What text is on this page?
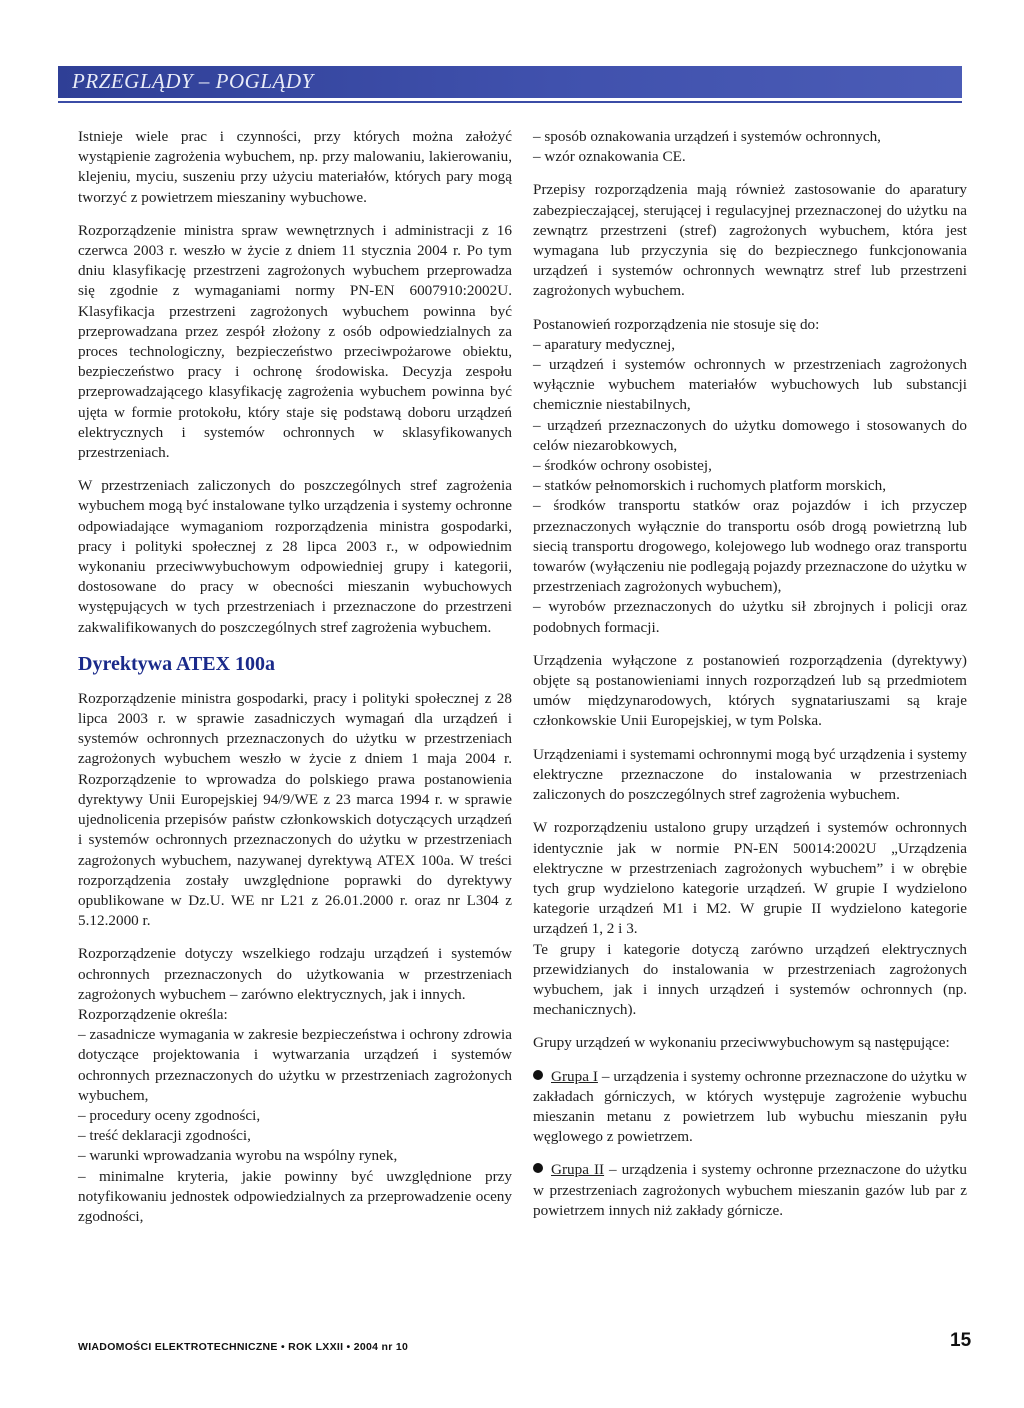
PRZEGLĄDY – POGLĄDY

Istnieje wiele prac i czynności, przy których można założyć wystąpienie zagrożenia wybuchem, np. przy malowaniu, lakierowaniu, klejeniu, myciu, suszeniu przy użyciu materiałów, których pary mogą tworzyć z powietrzem mieszaniny wybuchowe.

Rozporządzenie ministra spraw wewnętrznych i administracji z 16 czerwca 2003 r. weszło w życie z dniem 11 stycznia 2004 r. Po tym dniu klasyfikację przestrzeni zagrożonych wybuchem przeprowadza się zgodnie z wymaganiami normy PN-EN 6007910:2002U. Klasyfikacja przestrzeni zagrożonych wybuchem powinna być przeprowadzana przez zespół złożony z osób odpowiedzialnych za proces technologiczny, bezpieczeństwo przeciwpożarowe obiektu, bezpieczeństwo pracy i ochronę środowiska. Decyzja zespołu przeprowadzającego klasyfikację zagrożenia wybuchem powinna być ujęta w formie protokołu, który staje się podstawą doboru urządzeń elektrycznych i systemów ochronnych w sklasyfikowanych przestrzeniach.

W przestrzeniach zaliczonych do poszczególnych stref zagrożenia wybuchem mogą być instalowane tylko urządzenia i systemy ochronne odpowiadające wymaganiom rozporządzenia ministra gospodarki, pracy i polityki społecznej z 28 lipca 2003 r., w odpowiednim wykonaniu przeciwwybuchowym odpowiedniej grupy i kategorii, dostosowane do pracy w obecności mieszanin wybuchowych występujących w tych przestrzeniach i przeznaczone do przestrzeni zakwalifikowanych do poszczególnych stref zagrożenia wybuchem.

Dyrektywa ATEX 100a

Rozporządzenie ministra gospodarki, pracy i polityki społecznej z 28 lipca 2003 r. w sprawie zasadniczych wymagań dla urządzeń i systemów ochronnych przeznaczonych do użytku w przestrzeniach zagrożonych wybuchem weszło w życie z dniem 1 maja 2004 r. Rozporządzenie to wprowadza do polskiego prawa postanowienia dyrektywy Unii Europejskiej 94/9/WE z 23 marca 1994 r. w sprawie ujednolicenia przepisów państw członkowskich dotyczących urządzeń i systemów ochronnych przeznaczonych do użytku w przestrzeniach zagrożonych wybuchem, nazywanej dyrektywą ATEX 100a. W treści rozporządzenia zostały uwzględnione poprawki do dyrektywy opublikowane w Dz.U. WE nr L21 z 26.01.2000 r. oraz nr L304 z 5.12.2000 r.

Rozporządzenie dotyczy wszelkiego rodzaju urządzeń i systemów ochronnych przeznaczonych do użytkowania w przestrzeniach zagrożonych wybuchem – zarówno elektrycznych, jak i innych.

Rozporządzenie określa:

– zasadnicze wymagania w zakresie bezpieczeństwa i ochrony zdrowia dotyczące projektowania i wytwarzania urządzeń i systemów ochronnych przeznaczonych do użytku w przestrzeniach zagrożonych wybuchem,

– procedury oceny zgodności,

– treść deklaracji zgodności,

– warunki wprowadzania wyrobu na wspólny rynek,

– minimalne kryteria, jakie powinny być uwzględnione przy notyfikowaniu jednostek odpowiedzialnych za przeprowadzenie oceny zgodności,

– sposób oznakowania urządzeń i systemów ochronnych,

– wzór oznakowania CE.

Przepisy rozporządzenia mają również zastosowanie do aparatury zabezpieczającej, sterującej i regulacyjnej przeznaczonej do użytku na zewnątrz przestrzeni (stref) zagrożonych wybuchem, która jest wymagana lub przyczynia się do bezpiecznego funkcjonowania urządzeń i systemów ochronnych wewnątrz stref lub przestrzeni zagrożonych wybuchem.

Postanowień rozporządzenia nie stosuje się do:

– aparatury medycznej,

– urządzeń i systemów ochronnych w przestrzeniach zagrożonych wyłącznie wybuchem materiałów wybuchowych lub substancji chemicznie niestabilnych,

– urządzeń przeznaczonych do użytku domowego i stosowanych do celów niezarobkowych,

– środków ochrony osobistej,

– statków pełnomorskich i ruchomych platform morskich,

– środków transportu statków oraz pojazdów i ich przyczep przeznaczonych wyłącznie do transportu osób drogą powietrzną lub siecią transportu drogowego, kolejowego lub wodnego oraz transportu towarów (wyłączeniu nie podlegają pojazdy przeznaczone do użytku w przestrzeniach zagrożonych wybuchem),

– wyrobów przeznaczonych do użytku sił zbrojnych i policji oraz podobnych formacji.

Urządzenia wyłączone z postanowień rozporządzenia (dyrektywy) objęte są postanowieniami innych rozporządzeń lub są przedmiotem umów międzynarodowych, których sygnatariuszami są kraje członkowskie Unii Europejskiej, w tym Polska.

Urządzeniami i systemami ochronnymi mogą być urządzenia i systemy elektryczne przeznaczone do instalowania w przestrzeniach zaliczonych do poszczególnych stref zagrożenia wybuchem.

W rozporządzeniu ustalono grupy urządzeń i systemów ochronnych identycznie jak w normie PN-EN 50014:2002U „Urządzenia elektryczne w przestrzeniach zagrożonych wybuchem” i w obrębie tych grup wydzielono kategorie urządzeń. W grupie I wydzielono kategorie urządzeń M1 i M2. W grupie II wydzielono kategorie urządzeń 1, 2 i 3.

Te grupy i kategorie dotyczą zarówno urządzeń elektrycznych przewidzianych do instalowania w przestrzeniach zagrożonych wybuchem, jak i innych urządzeń i systemów ochronnych (np. mechanicznych).

Grupy urządzeń w wykonaniu przeciwwybuchowym są następujące:

Grupa I – urządzenia i systemy ochronne przeznaczone do użytku w zakładach górniczych, w których występuje zagrożenie wybuchu mieszanin metanu z powietrzem lub wybuchu mieszanin pyłu węglowego z powietrzem.

Grupa II – urządzenia i systemy ochronne przeznaczone do użytku w przestrzeniach zagrożonych wybuchem mieszanin gazów lub par z powietrzem innych niż zakłady górnicze.

WIADOMOŚCI ELEKTROTECHNICZNE • ROK LXXII • 2004 nr 10	15
